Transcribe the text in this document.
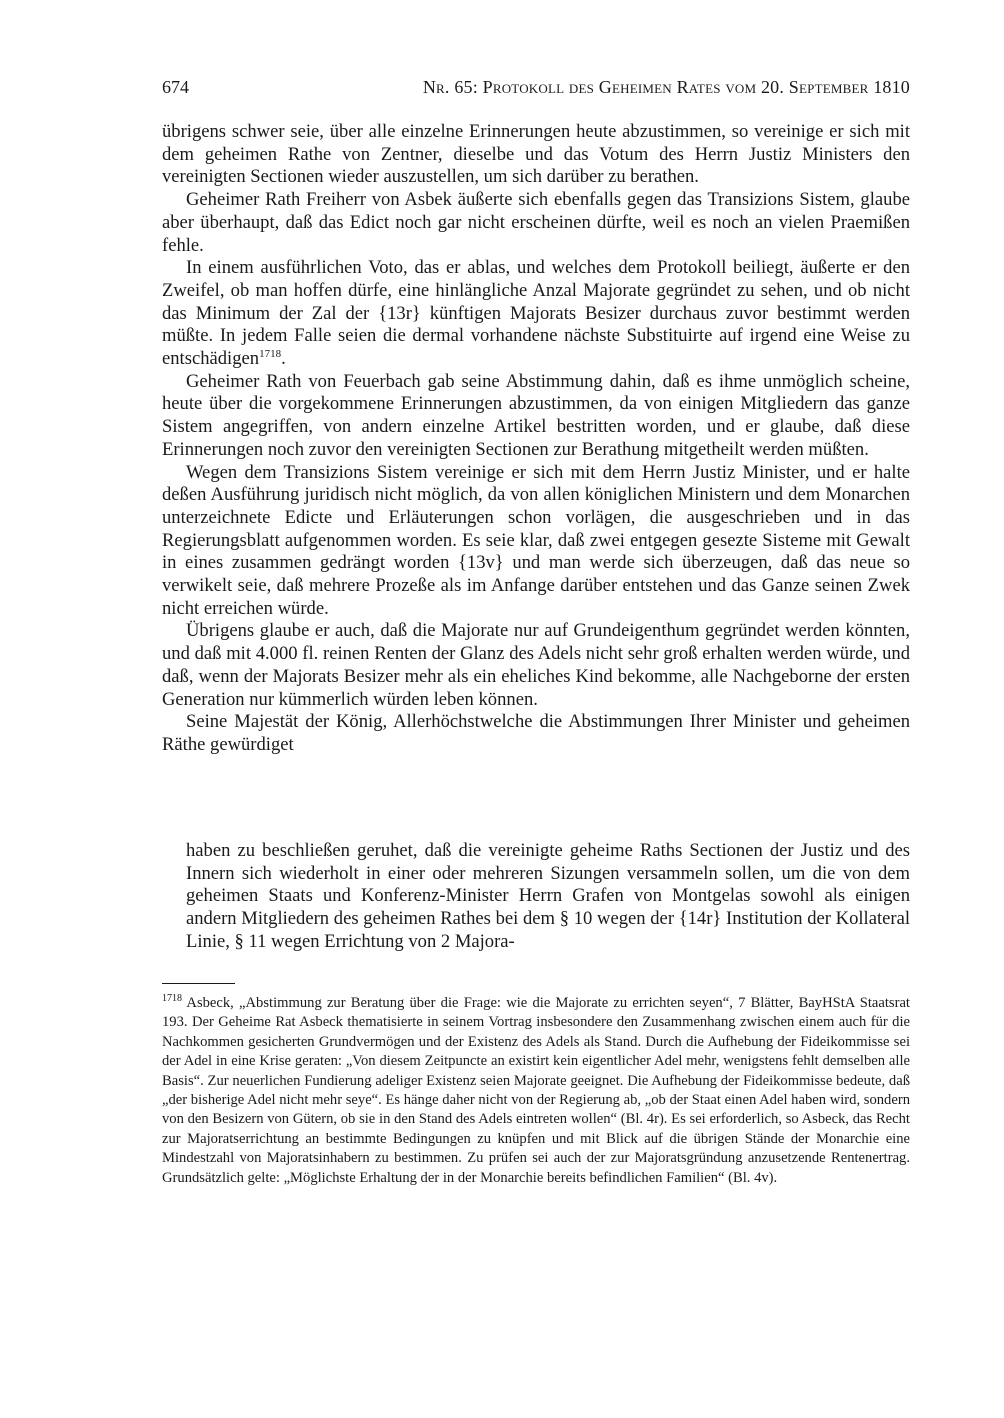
674	Nr. 65: Protokoll des Geheimen Rates vom 20. September 1810

übrigens schwer seie, über alle einzelne Erinnerungen heute abzustimmen, so vereinige er sich mit dem geheimen Rathe von Zentner, dieselbe und das Votum des Herrn Justiz Ministers den vereinigten Sectionen wieder auszustellen, um sich darüber zu berathen.

Geheimer Rath Freiherr von Asbek äußerte sich ebenfalls gegen das Transizions Sistem, glaube aber überhaupt, daß das Edict noch gar nicht erscheinen dürfte, weil es noch an vielen Praemißen fehle.

In einem ausführlichen Voto, das er ablas, und welches dem Protokoll beiliegt, äußerte er den Zweifel, ob man hoffen dürfe, eine hinlängliche Anzal Majorate gegründet zu sehen, und ob nicht das Minimum der Zal der {13r} künftigen Majorats Besizer durchaus zuvor bestimmt werden müßte. In jedem Falle seien die dermal vorhandene nächste Substituirte auf irgend eine Weise zu entschädigen$^{1718}$.

Geheimer Rath von Feuerbach gab seine Abstimmung dahin, daß es ihme unmöglich scheine, heute über die vorgekommene Erinnerungen abzustimmen, da von einigen Mitgliedern das ganze Sistem angegriffen, von andern einzelne Artikel bestritten worden, und er glaube, daß diese Erinnerungen noch zuvor den vereinigten Sectionen zur Berathung mitgetheilt werden müßten.

Wegen dem Transizions Sistem vereinige er sich mit dem Herrn Justiz Minister, und er halte deßen Ausführung juridisch nicht möglich, da von allen königlichen Ministern und dem Monarchen unterzeichnete Edicte und Erläuterungen schon vorlägen, die ausgeschrieben und in das Regierungsblatt aufgenommen worden. Es seie klar, daß zwei entgegen gesezte Sisteme mit Gewalt in eines zusammen gedrängt worden {13v} und man werde sich überzeugen, daß das neue so verwikelt seie, daß mehrere Prozeße als im Anfange darüber entstehen und das Ganze seinen Zwek nicht erreichen würde.

Übrigens glaube er auch, daß die Majorate nur auf Grundeigenthum gegründet werden könnten, und daß mit 4.000 fl. reinen Renten der Glanz des Adels nicht sehr groß erhalten werden würde, und daß, wenn der Majorats Besizer mehr als ein eheliches Kind bekomme, alle Nachgeborne der ersten Generation nur kümmerlich würden leben können.

Seine Majestät der König, Allerhöchstwelche die Abstimmungen Ihrer Minister und geheimen Räthe gewürdiget

haben zu beschließen geruhet, daß die vereinigte geheime Raths Sectionen der Justiz und des Innern sich wiederholt in einer oder mehreren Sizungen versammeln sollen, um die von dem geheimen Staats und Konferenz-Minister Herrn Grafen von Montgelas sowohl als einigen andern Mitgliedern des geheimen Rathes bei dem § 10 wegen der {14r} Institution der Kollateral Linie, § 11 wegen Errichtung von 2 Majora-

$^{1718}$ Asbeck, „Abstimmung zur Beratung über die Frage: wie die Majorate zu errichten seyen“, 7 Blätter, BayHStA Staatsrat 193. Der Geheime Rat Asbeck thematisierte in seinem Vortrag insbesondere den Zusammenhang zwischen einem auch für die Nachkommen gesicherten Grundvermögen und der Existenz des Adels als Stand. Durch die Aufhebung der Fideikommisse sei der Adel in eine Krise geraten: „Von diesem Zeitpuncte an existirt kein eigentlicher Adel mehr, wenigstens fehlt demselben alle Basis“. Zur neuerlichen Fundierung adeliger Existenz seien Majorate geeignet. Die Aufhebung der Fideikommisse bedeute, daß „der bisherige Adel nicht mehr seye“. Es hänge daher nicht von der Regierung ab, „ob der Staat einen Adel haben wird, sondern von den Besizern von Gütern, ob sie in den Stand des Adels eintreten wollen“ (Bl. 4r). Es sei erforderlich, so Asbeck, das Recht zur Majoratserrichtung an bestimmte Bedingungen zu knüpfen und mit Blick auf die übrigen Stände der Monarchie eine Mindestzahl von Majoratsinhabern zu bestimmen. Zu prüfen sei auch der zur Majoratsgründung anzusetzende Rentenertrag. Grundsätzlich gelte: „Möglichste Erhaltung der in der Monarchie bereits befindlichen Familien“ (Bl. 4v).
